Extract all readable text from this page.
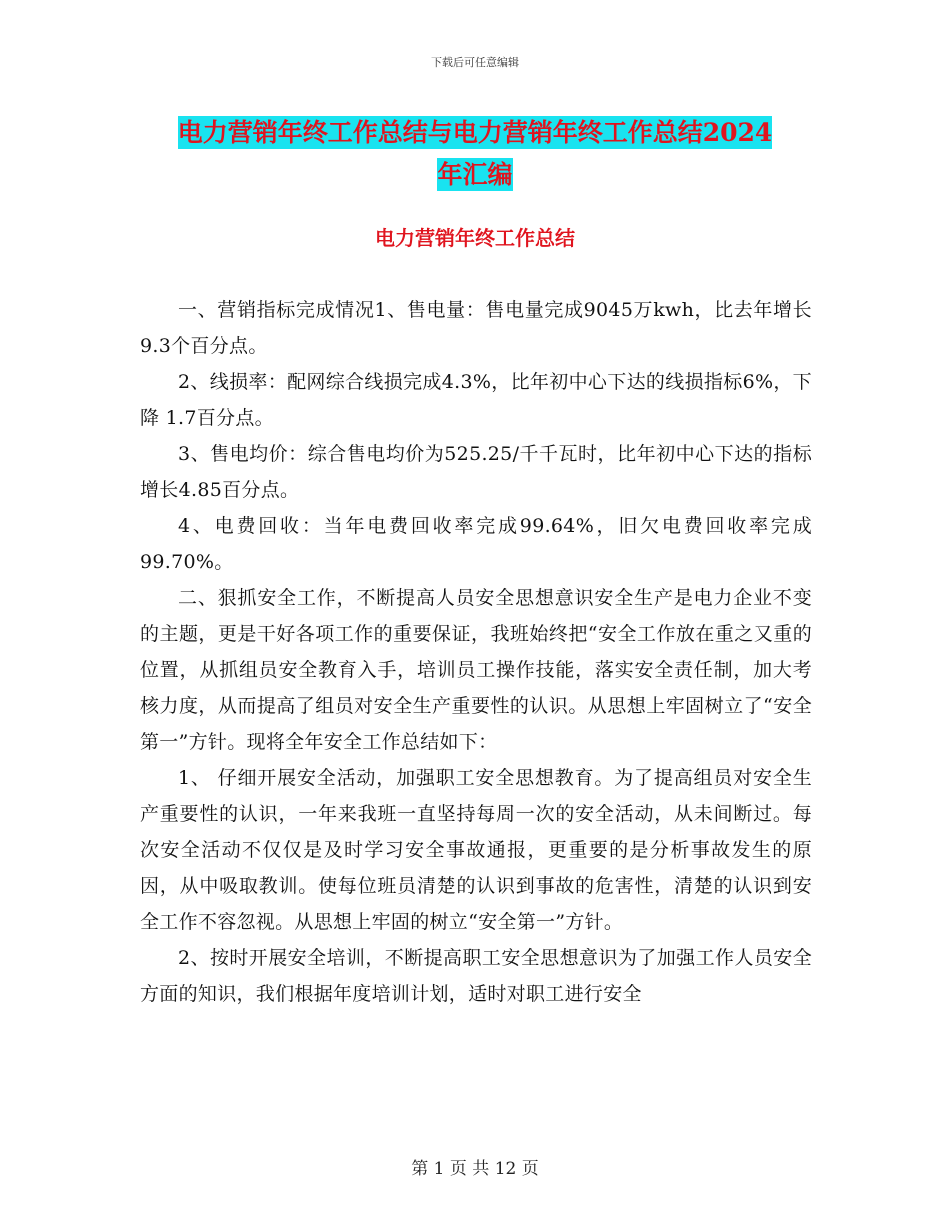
下载后可任意编辑
电力营销年终工作总结与电力营销年终工作总结2024
年汇编
电力营销年终工作总结

一、营销指标完成情况1、售电量：售电量完成9045万kwh，比去年增长9.3个百分点。

2、线损率：配网综合线损完成4.3%，比年初中心下达的线损指标6%，下降 1.7百分点。

3、售电均价：综合售电均价为525.25/千千瓦时，比年初中心下达的指标增长4.85百分点。

4、电费回收：当年电费回收率完成99.64%，旧欠电费回收率完成99.70%。

二、狠抓安全工作，不断提高人员安全思想意识安全生产是电力企业不变的主题，更是干好各项工作的重要保证，我班始终把“安全工作放在重之又重的位置，从抓组员安全教育入手，培训员工操作技能，落实安全责任制，加大考核力度，从而提高了组员对安全生产重要性的认识。从思想上牢固树立了“安全第一”方针。现将全年安全工作总结如下：

1、 仔细开展安全活动，加强职工安全思想教育。为了提高组员对安全生产重要性的认识，一年来我班一直坚持每周一次的安全活动，从未间断过。每次安全活动不仅仅是及时学习安全事故通报，更重要的是分析事故发生的原因，从中吸取教训。使每位班员清楚的认识到事故的危害性，清楚的认识到安全工作不容忽视。从思想上牢固的树立“安全第一”方针。

2、按时开展安全培训，不断提高职工安全思想意识为了加强工作人员安全方面的知识，我们根据年度培训计划，适时对职工进行安全

第 1 页 共 12 页
